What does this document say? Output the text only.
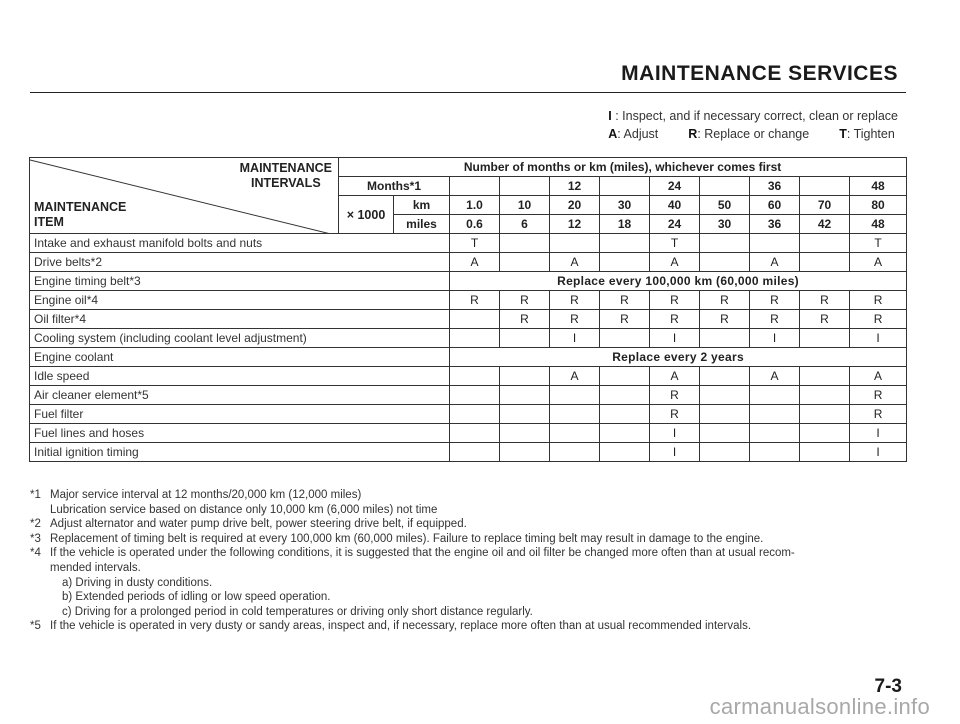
MAINTENANCE SERVICES
I : Inspect, and if necessary correct, clean or replace
A: Adjust R: Replace or change T: Tighten
MAINTENANCE
INTERVALS
MAINTENANCE
ITEM	Number of months or km (miles), whichever comes first										
	Months*1				12		24		36		48
	× 1000	km	1.0	10	20	30	40	50	60	70	80
		miles	0.6	6	12	18	24	30	36	42	48
Intake and exhaust manifold bolts and nuts			T				T				T
Drive belts*2			A		A		A		A		A
Engine timing belt*3			Replace every 100,000 km (60,000 miles)								
Engine oil*4			R	R	R	R	R	R	R	R	R
Oil filter*4				R	R	R	R	R	R	R	R
Cooling system (including coolant level adjustment)					I		I		I		I
Engine coolant			Replace every 2 years								
Idle speed					A		A		A		A
Air cleaner element*5							R				R
Fuel filter							R				R
Fuel lines and hoses							I				I
Initial ignition timing							I				I
*1 Major service interval at 12 months/20,000 km (12,000 miles)
Lubrication service based on distance only 10,000 km (6,000 miles) not time
*2 Adjust alternator and water pump drive belt, power steering drive belt, if equipped.
*3 Replacement of timing belt is required at every 100,000 km (60,000 miles). Failure to replace timing belt may result in damage to the engine.
*4 If the vehicle is operated under the following conditions, it is suggested that the engine oil and oil filter be changed more often than at usual recom-
mended intervals.
a) Driving in dusty conditions.
b) Extended periods of idling or low speed operation.
c) Driving for a prolonged period in cold temperatures or driving only short distance regularly.
*5 If the vehicle is operated in very dusty or sandy areas, inspect and, if necessary, replace more often than at usual recommended intervals.
7-3
carmanualsonline.info
